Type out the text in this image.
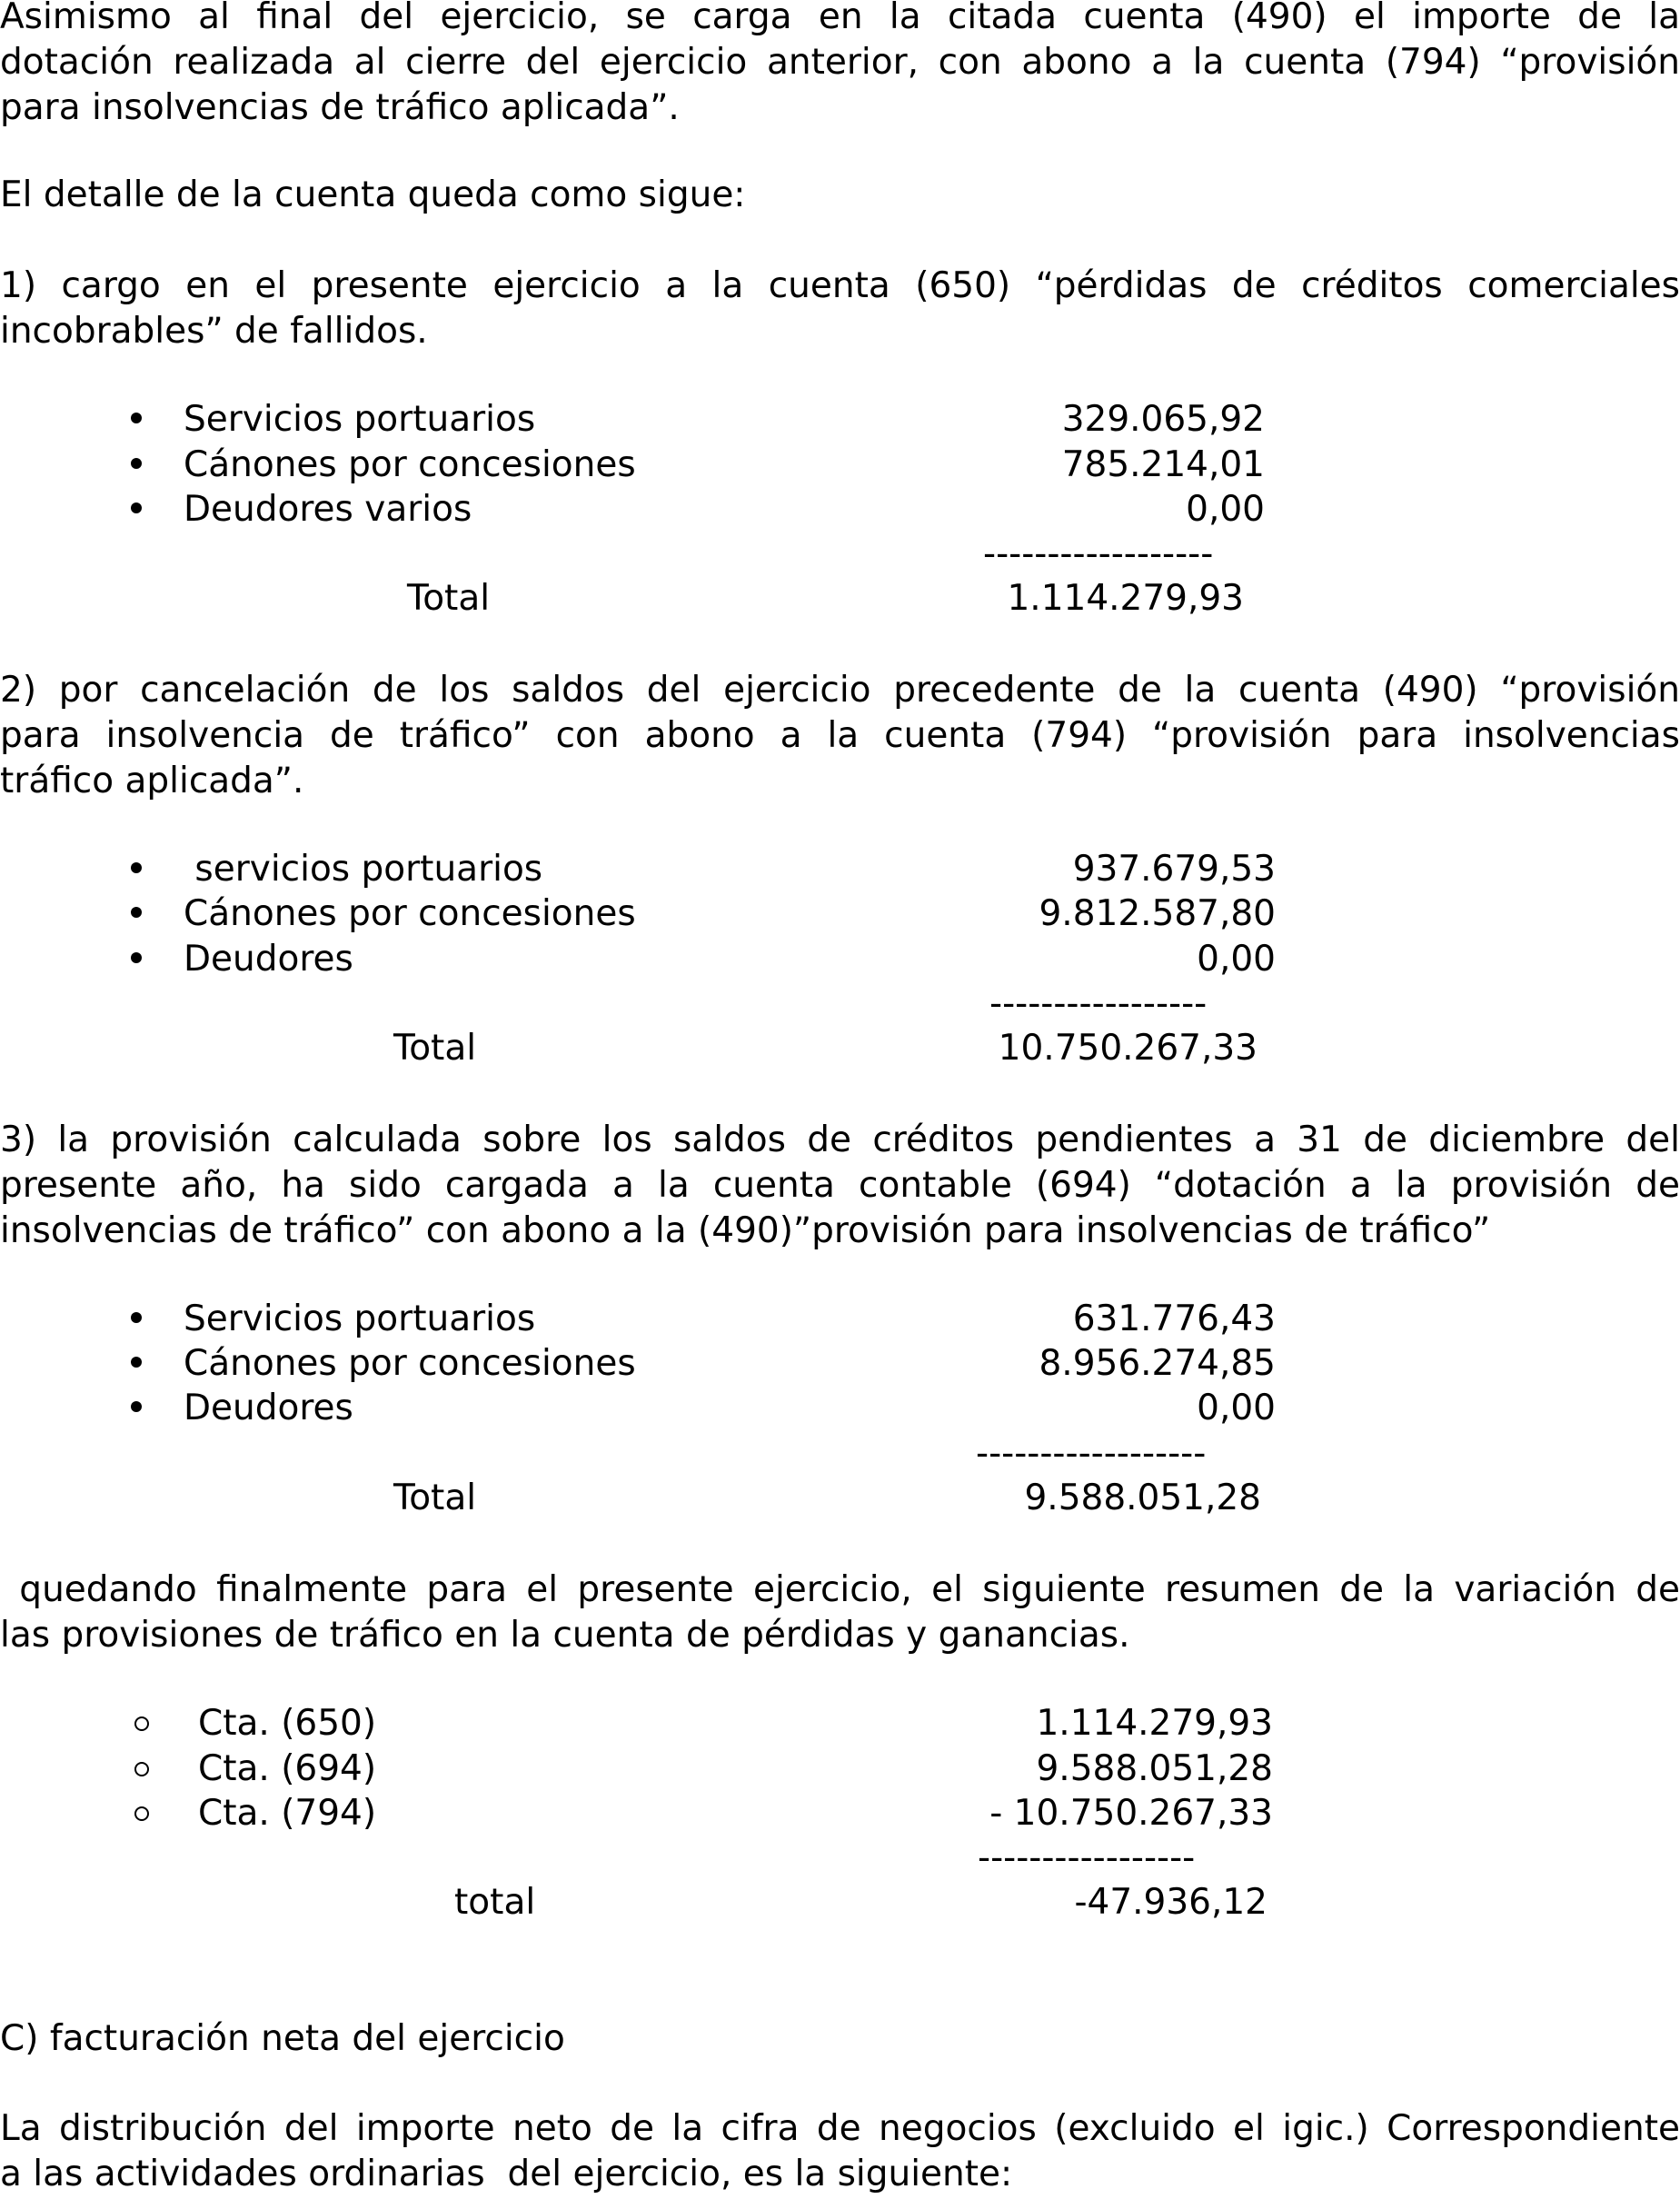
Asimismo al final del ejercicio, se carga en la citada cuenta (490) el importe de la
dotación realizada al cierre del ejercicio anterior, con abono a la cuenta (794) “provisión
para insolvencias de tráfico aplicada”.
El detalle de la cuenta queda como sigue:
1) cargo en el presente ejercicio a la cuenta (650) “pérdidas de créditos comerciales
incobrables” de fallidos.
Servicios portuarios	329.065,92
Cánones por concesiones	785.214,01
Deudores varios	0,00
------------------
Total	1.114.279,93
2) por cancelación de los saldos del ejercicio precedente de la cuenta (490) “provisión
para insolvencia de tráfico” con abono a la cuenta (794) “provisión para insolvencias
tráfico aplicada”.
servicios portuarios	937.679,53
Cánones por concesiones	9.812.587,80
Deudores	0,00
-----------------
Total	10.750.267,33
3) la provisión calculada sobre los saldos de créditos pendientes a 31 de diciembre del
presente año, ha sido cargada a la cuenta contable (694) “dotación a la provisión de
insolvencias de tráfico” con abono a la (490)”provisión para insolvencias de tráfico”
Servicios portuarios	631.776,43
Cánones por concesiones	8.956.274,85
Deudores	0,00
------------------
Total	9.588.051,28
quedando finalmente para el presente ejercicio, el siguiente resumen de la variación de
las provisiones de tráfico en la cuenta de pérdidas y ganancias.
Cta. (650)	1.114.279,93
Cta. (694)	9.588.051,28
Cta. (794)	- 10.750.267,33
-----------------
total	-47.936,12
C) facturación neta del ejercicio
La distribución del importe neto de la cifra de negocios (excluido el igic.) Correspondiente
a las actividades ordinarias  del ejercicio, es la siguiente:
